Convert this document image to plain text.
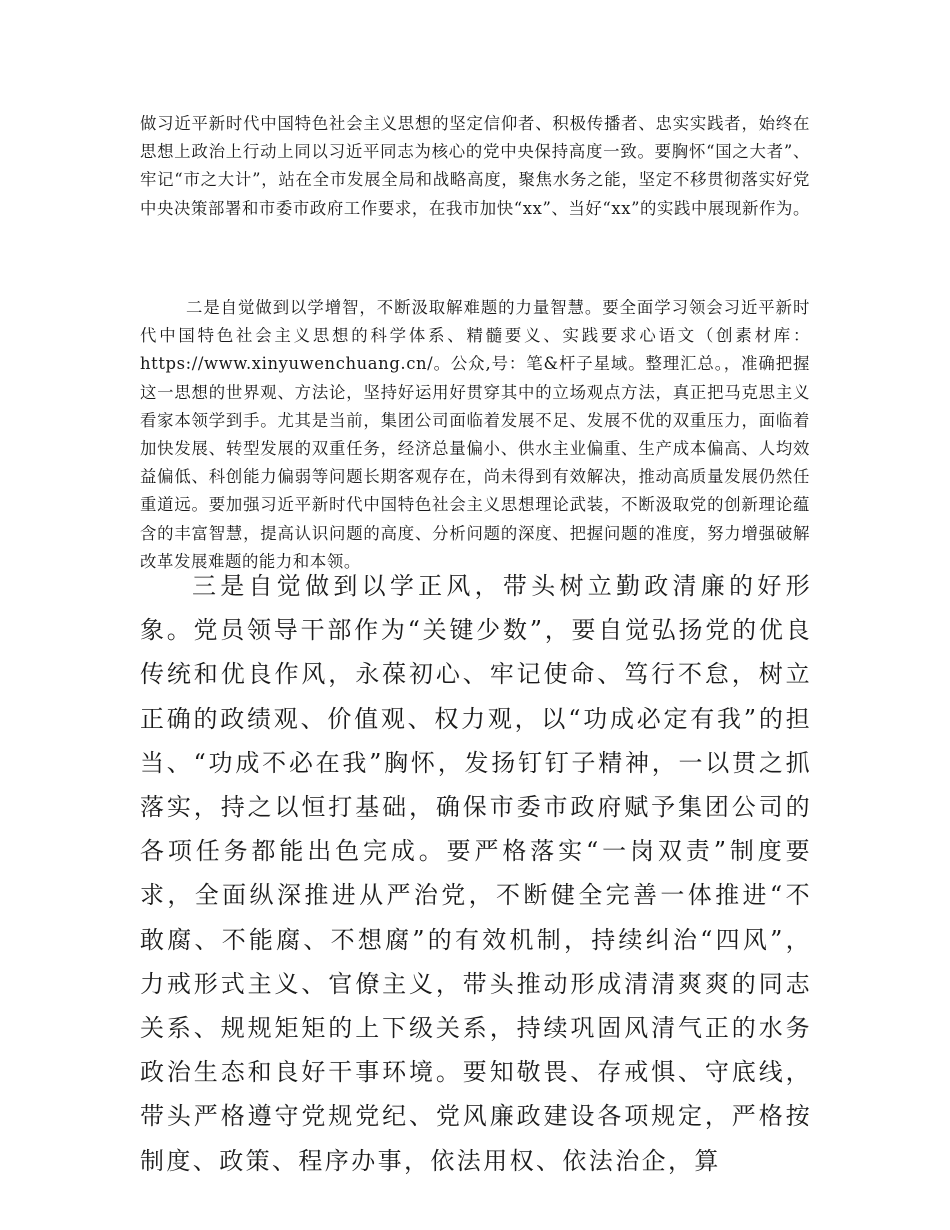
做习近平新时代中国特色社会主义思想的坚定信仰者、积极传播者、忠实实践者，始终在思想上政治上行动上同以习近平同志为核心的党中央保持高度一致。要胸怀“国之大者”、牢记“市之大计”，站在全市发展全局和战略高度，聚焦水务之能，坚定不移贯彻落实好党中央决策部署和市委市政府工作要求，在我市加快“xx”、当好“xx”的实践中展现新作为。

二是自觉做到以学增智，不断汲取解难题的力量智慧。要全面学习领会习近平新时代中国特色社会主义思想的科学体系、精髓要义、实践要求心语文（创素材库：https://www.xinyuwenchuang.cn/。公众,号：笔&杆子星域。整理汇总。，准确把握这一思想的世界观、方法论，坚持好运用好贯穿其中的立场观点方法，真正把马克思主义看家本领学到手。尤其是当前，集团公司面临着发展不足、发展不优的双重压力，面临着加快发展、转型发展的双重任务，经济总量偏小、供水主业偏重、生产成本偏高、人均效益偏低、科创能力偏弱等问题长期客观存在，尚未得到有效解决，推动高质量发展仍然任重道远。要加强习近平新时代中国特色社会主义思想理论武装，不断汲取党的创新理论蕴含的丰富智慧，提高认识问题的高度、分析问题的深度、把握问题的准度，努力增强破解改革发展难题的能力和本领。

三是自觉做到以学正风，带头树立勤政清廉的好形象。党员领导干部作为“关键少数”，要自觉弘扬党的优良传统和优良作风，永葆初心、牢记使命、笃行不怠，树立正确的政绩观、价值观、权力观，以“功成必定有我”的担当、“功成不必在我”胸怀，发扬钉钉子精神，一以贯之抓落实，持之以恒打基础，确保市委市政府赋予集团公司的各项任务都能出色完成。要严格落实“一岗双责”制度要求，全面纵深推进从严治党，不断健全完善一体推进“不敢腐、不能腐、不想腐”的有效机制，持续纠治“四风”，力戒形式主义、官僚主义，带头推动形成清清爽爽的同志关系、规规矩矩的上下级关系，持续巩固风清气正的水务政治生态和良好干事环境。要知敬畏、存戒惧、守底线，带头严格遵守党规党纪、党风廉政建设各项规定，严格按制度、政策、程序办事，依法用权、依法治企，算
